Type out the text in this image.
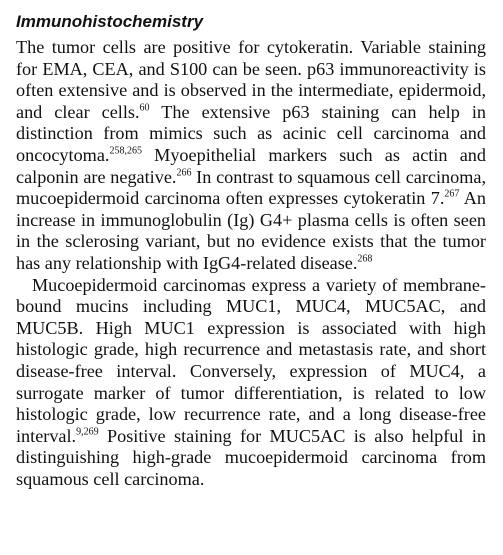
Immunohistochemistry

The tumor cells are positive for cytokeratin. Variable staining for EMA, CEA, and S100 can be seen. p63 immunoreactivity is often extensive and is observed in the intermediate, epidermoid, and clear cells.$^{60}$ The extensive p63 staining can help in distinction from mimics such as acinic cell carcinoma and oncocytoma.$^{258,265}$ Myoepithelial markers such as actin and calponin are negative.$^{266}$ In contrast to squamous cell carcinoma, mucoepidermoid carcinoma often expresses cytokeratin 7.$^{267}$ An increase in immunoglobulin (Ig) G4+ plasma cells is often seen in the sclerosing variant, but no evidence exists that the tumor has any relationship with IgG4-related disease.$^{268}$

Mucoepidermoid carcinomas express a variety of membrane-bound mucins including MUC1, MUC4, MUC5AC, and MUC5B. High MUC1 expression is associated with high histologic grade, high recurrence and metastasis rate, and short disease-free interval. Conversely, expression of MUC4, a surrogate marker of tumor differentiation, is related to low histologic grade, low recurrence rate, and a long disease-free interval.$^{9,269}$ Positive staining for MUC5AC is also helpful in distinguishing high-grade mucoepidermoid carcinoma from squamous cell carcinoma.
